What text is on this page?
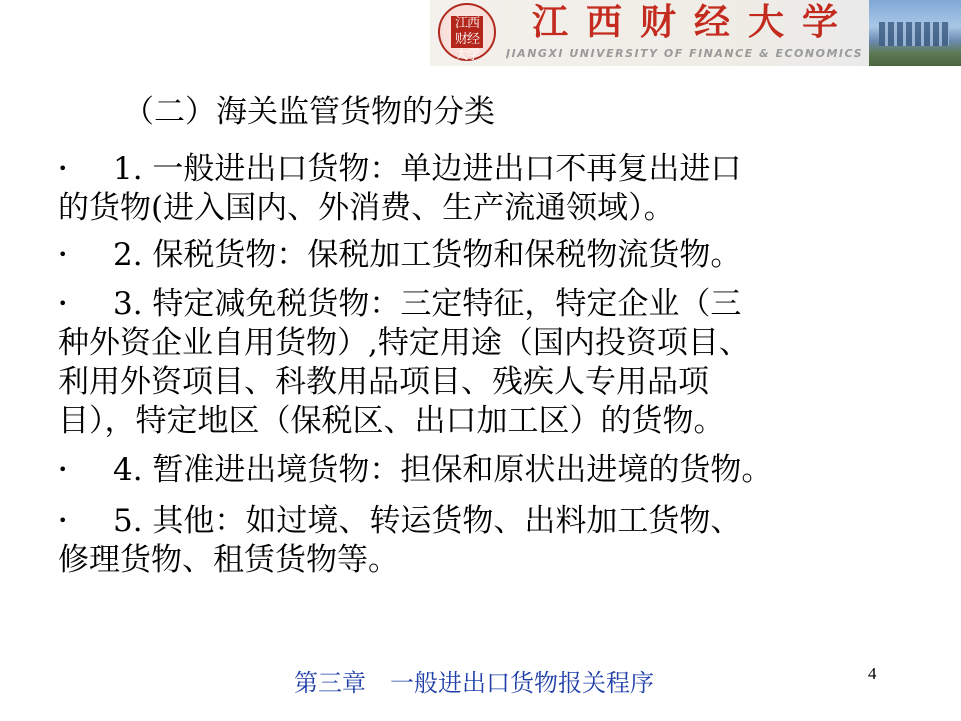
江西财经大学
江西财经大学
JIANGXI UNIVERSITY OF FINANCE & ECONOMICS
（二）海关监管货物的分类
• 1. 一般进出口货物：单边进出口不再复出进口
的货物(进入国内、外消费、生产流通领域）。
• 2. 保税货物：保税加工货物和保税物流货物。
• 3. 特定减免税货物：三定特征，特定企业（三
种外资企业自用货物）,特定用途（国内投资项目、
利用外资项目、科教用品项目、残疾人专用品项
目），特定地区（保税区、出口加工区）的货物。
• 4. 暂准进出境货物：担保和原状出进境的货物。
• 5. 其他：如过境、转运货物、出料加工货物、
修理货物、租赁货物等。
第三章　一般进出口货物报关程序	4
